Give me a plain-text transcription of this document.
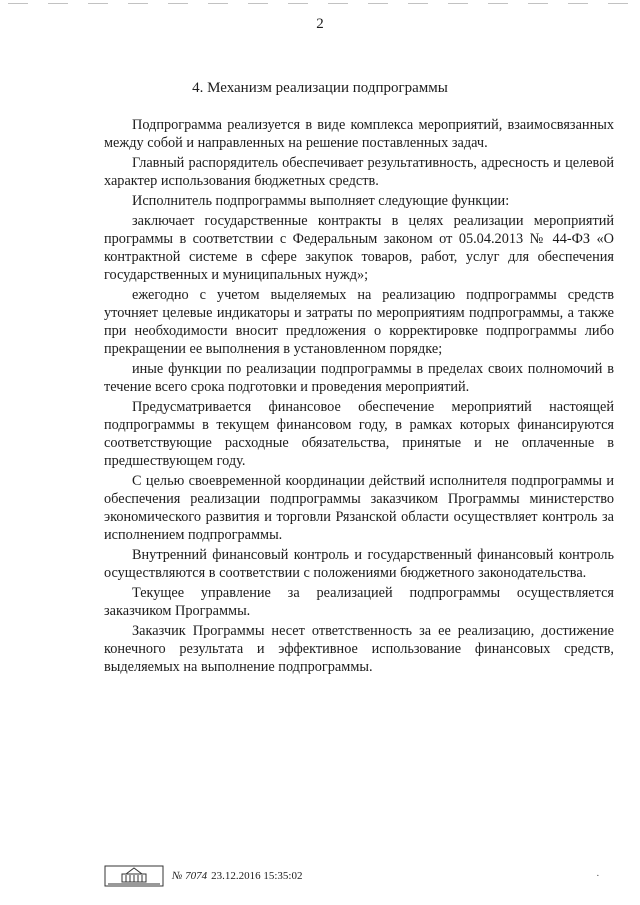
2
4. Механизм реализации подпрограммы

Подпрограмма реализуется в виде комплекса мероприятий, взаимосвязанных между собой и направленных на решение поставленных задач.

Главный распорядитель обеспечивает результативность, адресность и целевой характер использования бюджетных средств.

Исполнитель подпрограммы выполняет следующие функции:

заключает государственные контракты в целях реализации мероприятий программы в соответствии с Федеральным законом от 05.04.2013 № 44-ФЗ «О контрактной системе в сфере закупок товаров, работ, услуг для обеспечения государственных и муниципальных нужд»;

ежегодно с учетом выделяемых на реализацию подпрограммы средств уточняет целевые индикаторы и затраты по мероприятиям подпрограммы, а также при необходимости вносит предложения о корректировке подпрограммы либо прекращении ее выполнения в установленном порядке;

иные функции по реализации подпрограммы в пределах своих полномочий в течение всего срока подготовки и проведения мероприятий.

Предусматривается финансовое обеспечение мероприятий настоящей подпрограммы в текущем финансовом году, в рамках которых финансируются соответствующие расходные обязательства, принятые и не оплаченные в предшествующем году.

С целью своевременной координации действий исполнителя подпрограммы и обеспечения реализации подпрограммы заказчиком Программы министерство экономического развития и торговли Рязанской области осуществляет контроль за исполнением подпрограммы.

Внутренний финансовый контроль и государственный финансовый контроль осуществляются в соответствии с положениями бюджетного законодательства.

Текущее управление за реализацией подпрограммы осуществляется заказчиком Программы.

Заказчик Программы несет ответственность за ее реализацию, достижение конечного результата и эффективное использование финансовых средств, выделяемых на выполнение подпрограммы.

№ 7074 23.12.2016 15:35:02	·
